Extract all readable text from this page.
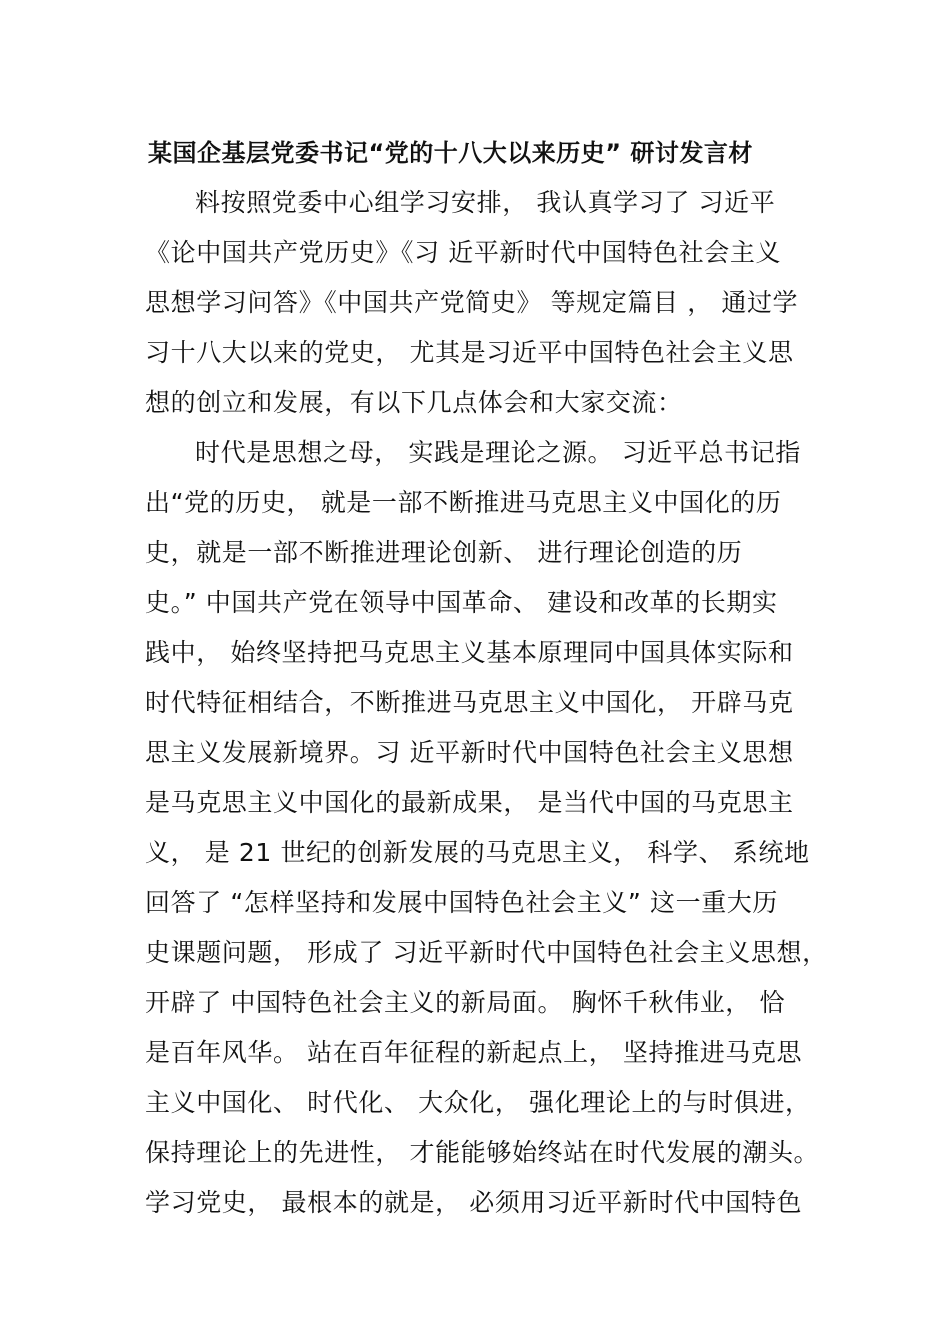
某国企基层党委书记“党的十八大以来历史” 研讨发言材
料按照党委中心组学习安排， 我认真学习了 习近平
《论中国共产党历史》《习 近平新时代中国特色社会主义
思想学习问答》《中国共产党简史》 等规定篇目 ， 通过学
习十八大以来的党史， 尤其是习近平中国特色社会主义思
想的创立和发展，有以下几点体会和大家交流：
时代是思想之母， 实践是理论之源。 习近平总书记指
出“党的历史， 就是一部不断推进马克思主义中国化的历
史，就是一部不断推进理论创新、 进行理论创造的历
史。” 中国共产党在领导中国革命、 建设和改革的长期实
践中， 始终坚持把马克思主义基本原理同中国具体实际和
时代特征相结合，不断推进马克思主义中国化， 开辟马克
思主义发展新境界。习 近平新时代中国特色社会主义思想
是马克思主义中国化的最新成果， 是当代中国的马克思主
义， 是 21 世纪的创新发展的马克思主义， 科学、 系统地
回答了 “怎样坚持和发展中国特色社会主义” 这一重大历
史课题问题， 形成了 习近平新时代中国特色社会主义思想，
开辟了 中国特色社会主义的新局面。 胸怀千秋伟业， 恰
是百年风华。 站在百年征程的新起点上， 坚持推进马克思
主义中国化、 时代化、 大众化， 强化理论上的与时俱进，
保持理论上的先进性， 才能能够始终站在时代发展的潮头。
学习党史， 最根本的就是， 必须用习近平新时代中国特色
